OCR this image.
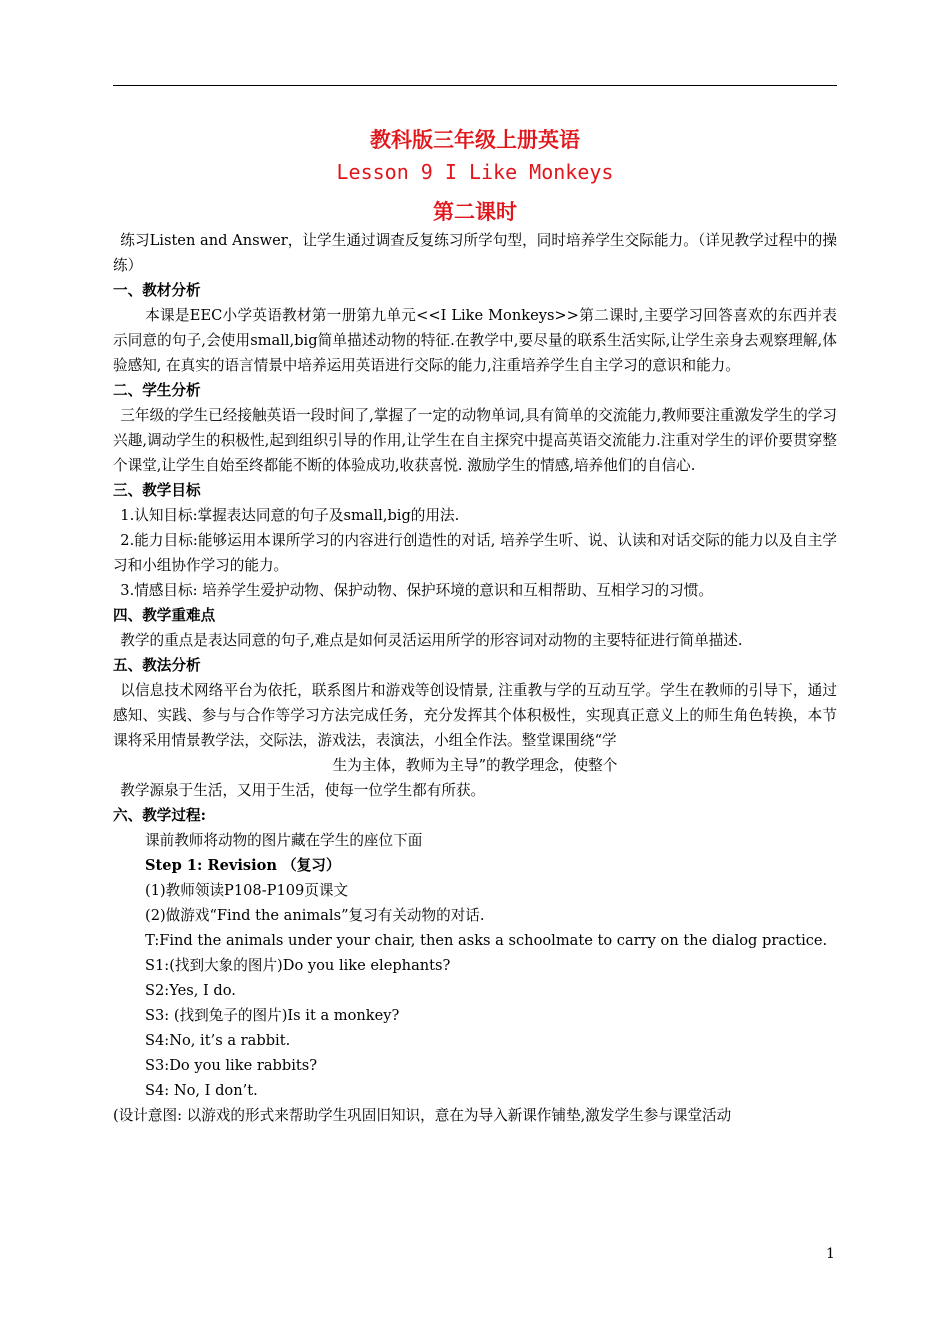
教科版三年级上册英语
Lesson 9 I Like Monkeys
第二课时

练习Listen and Answer，让学生通过调查反复练习所学句型，同时培养学生交际能力。（详见教学过程中的操练）

一、教材分析

本课是EEC小学英语教材第一册第九单元<<I Like Monkeys>>第二课时,主要学习回答喜欢的东西并表示同意的句子,会使用small,big简单描述动物的特征.在教学中,要尽量的联系生活实际,让学生亲身去观察理解,体验感知, 在真实的语言情景中培养运用英语进行交际的能力,注重培养学生自主学习的意识和能力。

二、学生分析

三年级的学生已经接触英语一段时间了,掌握了一定的动物单词,具有简单的交流能力,教师要注重激发学生的学习兴趣,调动学生的积极性,起到组织引导的作用,让学生在自主探究中提高英语交流能力.注重对学生的评价要贯穿整个课堂,让学生自始至终都能不断的体验成功,收获喜悦. 激励学生的情感,培养他们的自信心.

三、教学目标

1.认知目标:掌握表达同意的句子及small,big的用法.

2.能力目标:能够运用本课所学习的内容进行创造性的对话, 培养学生听、说、认读和对话交际的能力以及自主学习和小组协作学习的能力。

3.情感目标: 培养学生爱护动物、保护动物、保护环境的意识和互相帮助、互相学习的习惯。

四、教学重难点

教学的重点是表达同意的句子,难点是如何灵活运用所学的形容词对动物的主要特征进行简单描述.

五、教法分析

以信息技术网络平台为依托，联系图片和游戏等创设情景, 注重教与学的互动互学。学生在教师的引导下，通过感知、实践、参与与合作等学习方法完成任务，充分发挥其个体积极性，实现真正意义上的师生角色转换，本节课将采用情景教学法，交际法，游戏法，表演法，小组全作法。整堂课围绕“学

生为主体，教师为主导”的教学理念，使整个

教学源泉于生活，又用于生活，使每一位学生都有所获。

六、教学过程:

课前教师将动物的图片藏在学生的座位下面

Step 1: Revision （复习）

(1)教师领读P108-P109页课文

(2)做游戏“Find the animals”复习有关动物的对话.

T:Find the animals under your chair, then asks a schoolmate to carry on the dialog practice.

S1:(找到大象的图片)Do you like elephants?

S2:Yes, I do.

S3: (找到兔子的图片)Is it a monkey?

S4:No, it’s a rabbit.

S3:Do you like rabbits?

S4: No, I don’t.

(设计意图: 以游戏的形式来帮助学生巩固旧知识，意在为导入新课作铺垫,激发学生参与课堂活动

1
